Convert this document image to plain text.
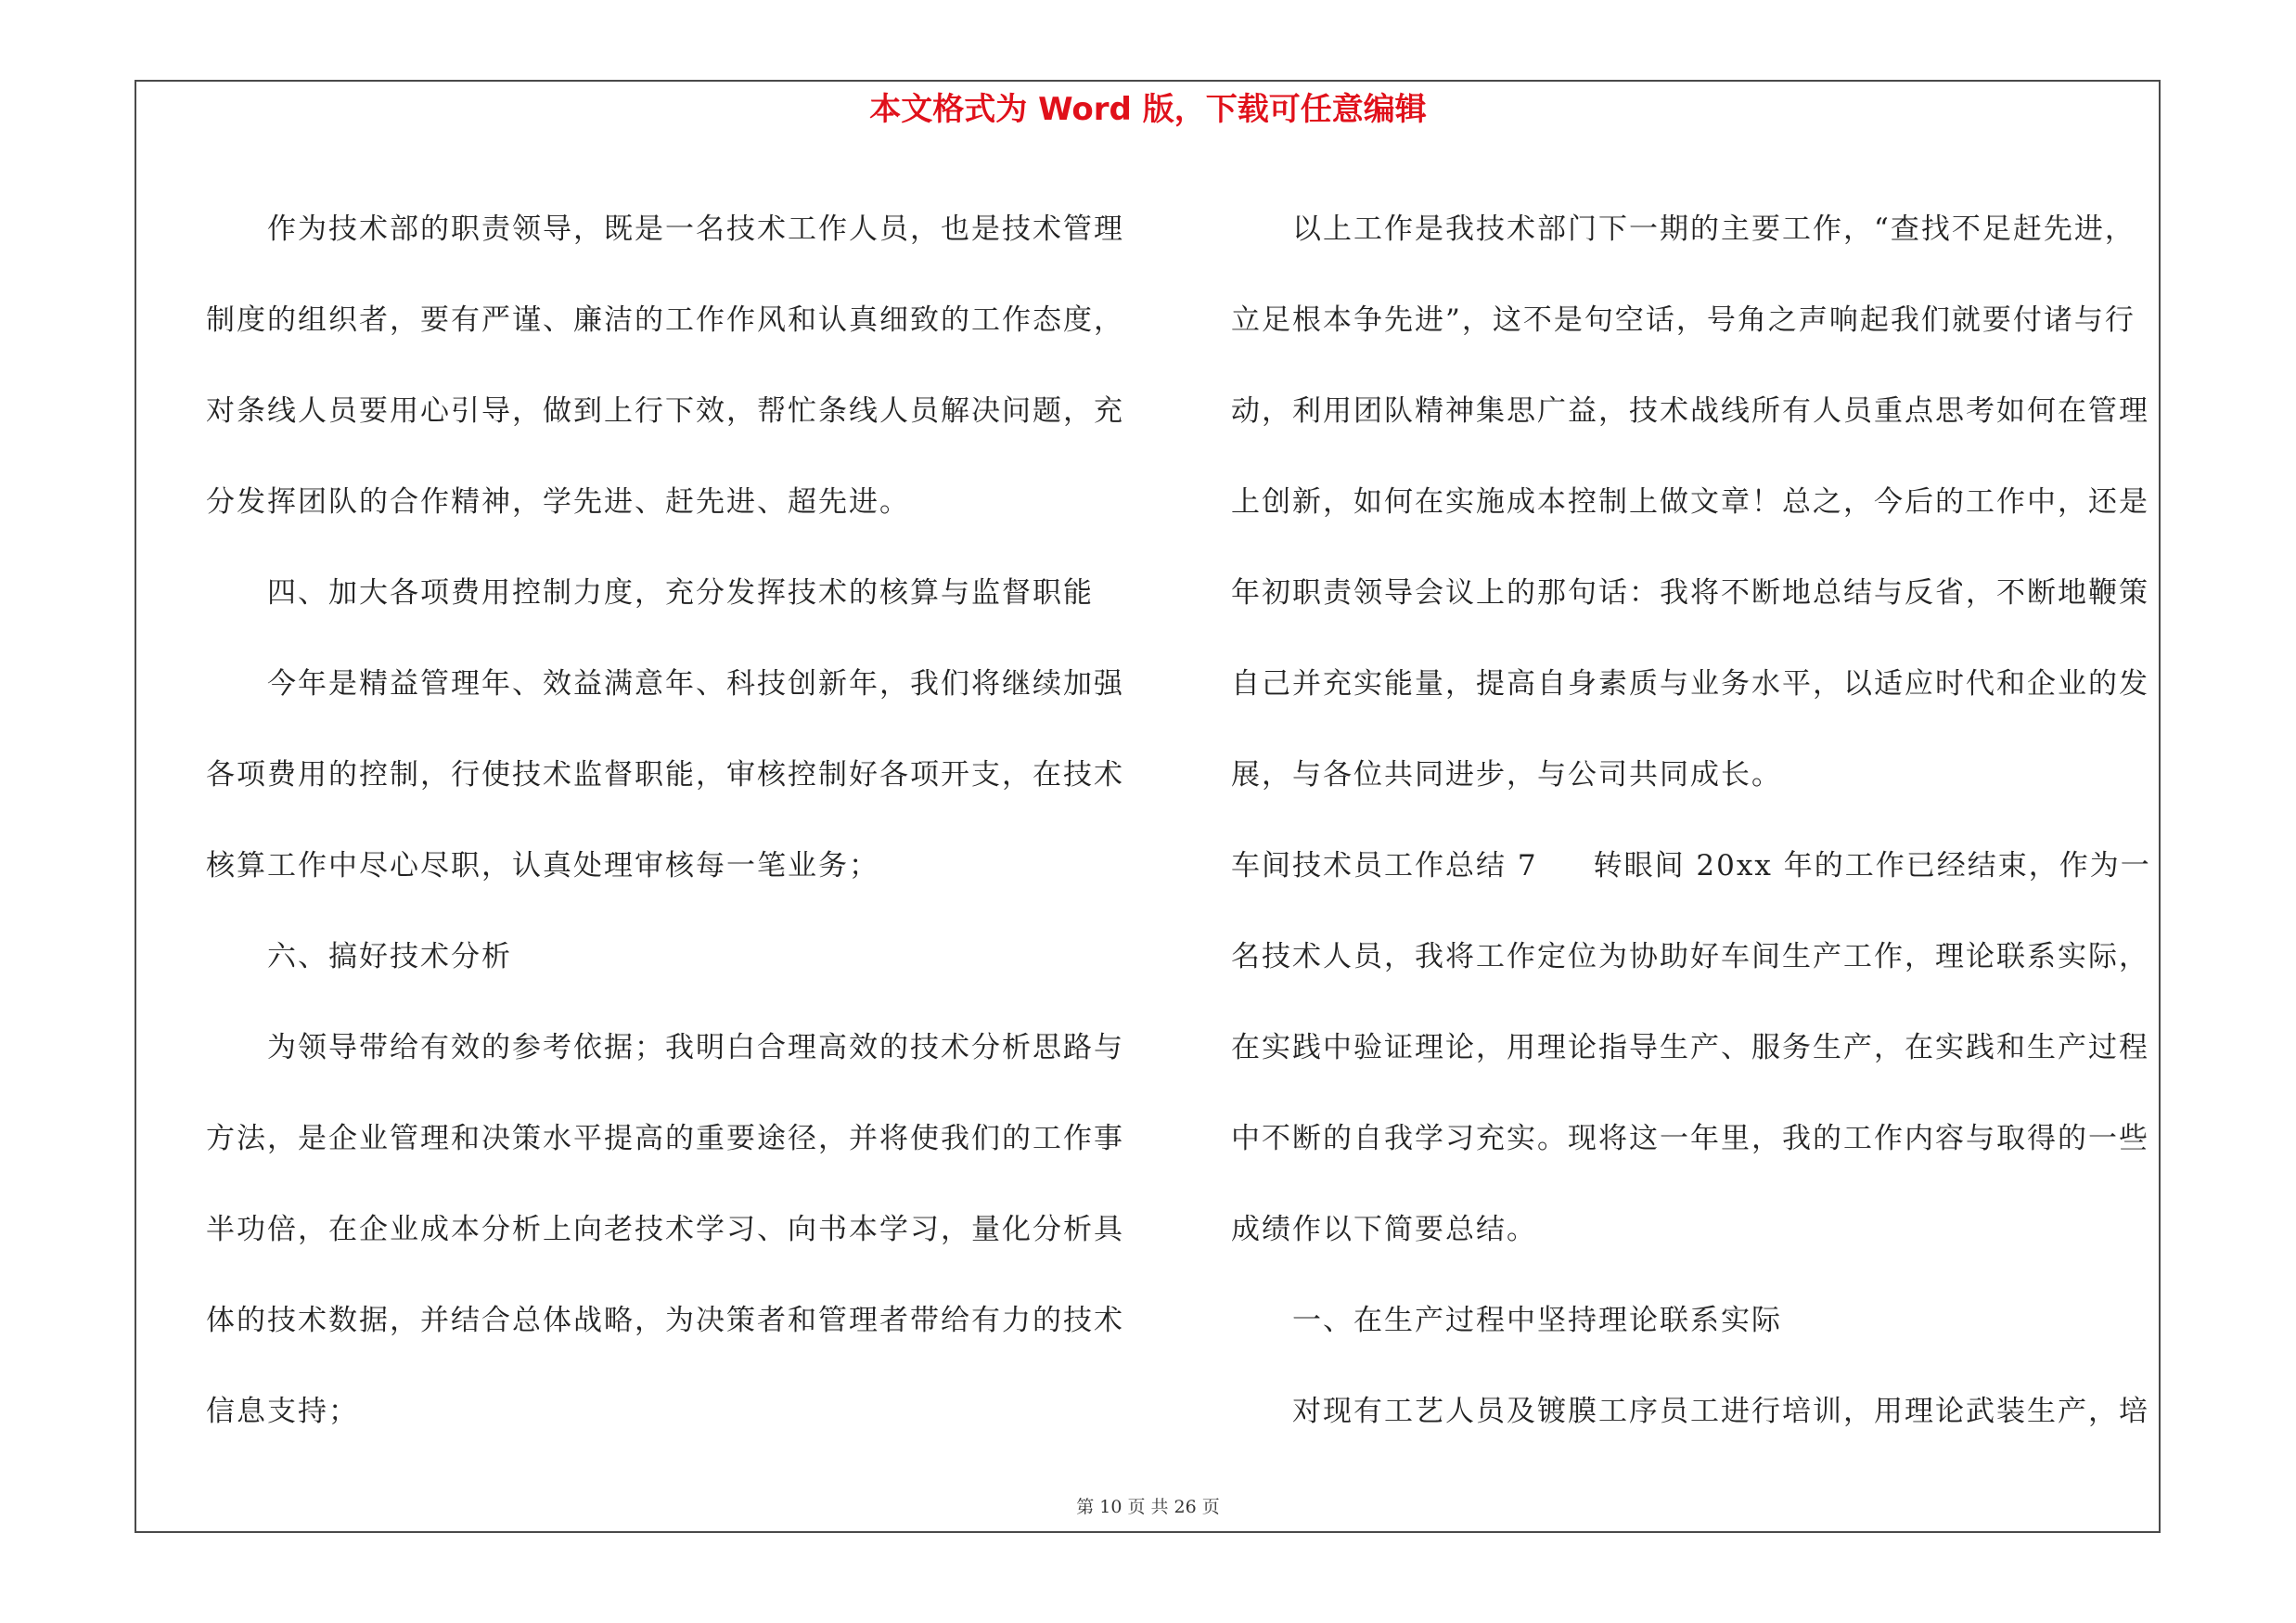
本文格式为 Word 版，下载可任意编辑
作为技术部的职责领导，既是一名技术工作人员，也是技术管理
制度的组织者，要有严谨、廉洁的工作作风和认真细致的工作态度，
对条线人员要用心引导，做到上行下效，帮忙条线人员解决问题，充
分发挥团队的合作精神，学先进、赶先进、超先进。
四、加大各项费用控制力度，充分发挥技术的核算与监督职能
今年是精益管理年、效益满意年、科技创新年，我们将继续加强
各项费用的控制，行使技术监督职能，审核控制好各项开支，在技术
核算工作中尽心尽职，认真处理审核每一笔业务；
六、搞好技术分析
为领导带给有效的参考依据；我明白合理高效的技术分析思路与
方法，是企业管理和决策水平提高的重要途径，并将使我们的工作事
半功倍，在企业成本分析上向老技术学习、向书本学习，量化分析具
体的技术数据，并结合总体战略，为决策者和管理者带给有力的技术
信息支持；
以上工作是我技术部门下一期的主要工作，“查找不足赶先进，
立足根本争先进”，这不是句空话，号角之声响起我们就要付诸与行
动，利用团队精神集思广益，技术战线所有人员重点思考如何在管理
上创新，如何在实施成本控制上做文章！总之，今后的工作中，还是
年初职责领导会议上的那句话：我将不断地总结与反省，不断地鞭策
自己并充实能量，提高自身素质与业务水平，以适应时代和企业的发
展，与各位共同进步，与公司共同成长。
车间技术员工作总结 7 转眼间 20xx 年的工作已经结束，作为一
名技术人员，我将工作定位为协助好车间生产工作，理论联系实际，
在实践中验证理论，用理论指导生产、服务生产，在实践和生产过程
中不断的自我学习充实。现将这一年里，我的工作内容与取得的一些
成绩作以下简要总结。
一、在生产过程中坚持理论联系实际
对现有工艺人员及镀膜工序员工进行培训，用理论武装生产，培
第 10 页 共 26 页
